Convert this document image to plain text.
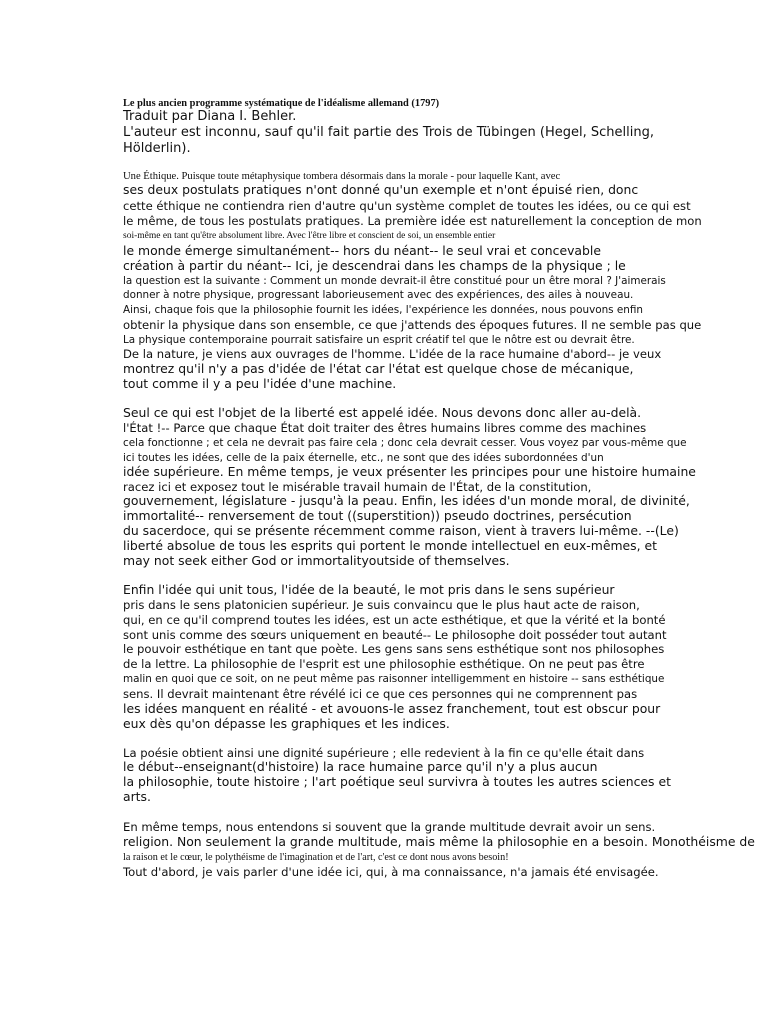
Le plus ancien programme systématique de l'idéalisme allemand (1797)
Traduit par Diana I. Behler.
L'auteur est inconnu, sauf qu'il fait partie des Trois de Tübingen (Hegel, Schelling,
Hölderlin).
Une Éthique. Puisque toute métaphysique tombera désormais dans la morale - pour laquelle Kant, avec
ses deux postulats pratiques n'ont donné qu'un exemple et n'ont épuisé rien, donc
cette éthique ne contiendra rien d'autre qu'un système complet de toutes les idées, ou ce qui est
le même, de tous les postulats pratiques. La première idée est naturellement la conception de mon
soi-même en tant qu'être absolument libre. Avec l'être libre et conscient de soi, un ensemble entier
le monde émerge simultanément-- hors du néant-- le seul vrai et concevable
création à partir du néant-- Ici, je descendrai dans les champs de la physique ; le
la question est la suivante : Comment un monde devrait-il être constitué pour un être moral ? J'aimerais
donner à notre physique, progressant laborieusement avec des expériences, des ailes à nouveau.
Ainsi, chaque fois que la philosophie fournit les idées, l'expérience les données, nous pouvons enfin
obtenir la physique dans son ensemble, ce que j'attends des époques futures. Il ne semble pas que
La physique contemporaine pourrait satisfaire un esprit créatif tel que le nôtre est ou devrait être.
De la nature, je viens aux ouvrages de l'homme. L'idée de la race humaine d'abord-- je veux
montrez qu'il n'y a pas d'idée de l'état car l'état est quelque chose de mécanique,
tout comme il y a peu l'idée d'une machine.
Seul ce qui est l'objet de la liberté est appelé idée. Nous devons donc aller au-delà.
l'État !-- Parce que chaque État doit traiter des êtres humains libres comme des machines
cela fonctionne ; et cela ne devrait pas faire cela ; donc cela devrait cesser. Vous voyez par vous-même que
ici toutes les idées, celle de la paix éternelle, etc., ne sont que des idées subordonnées d'un
idée supérieure. En même temps, je veux présenter les principes pour une histoire humaine
racez ici et exposez tout le misérable travail humain de l'État, de la constitution,
gouvernement, législature - jusqu'à la peau. Enfin, les idées d'un monde moral, de divinité,
immortalité-- renversement de tout ((superstition)) pseudo doctrines, persécution
du sacerdoce, qui se présente récemment comme raison, vient à travers lui-même. --(Le)
liberté absolue de tous les esprits qui portent le monde intellectuel en eux-mêmes, et
may not seek either God or immortalityoutside of themselves.
Enfin l'idée qui unit tous, l'idée de la beauté, le mot pris dans le sens supérieur
pris dans le sens platonicien supérieur. Je suis convaincu que le plus haut acte de raison,
qui, en ce qu'il comprend toutes les idées, est un acte esthétique, et que la vérité et la bonté
sont unis comme des sœurs uniquement en beauté-- Le philosophe doit posséder tout autant
le pouvoir esthétique en tant que poète. Les gens sans sens esthétique sont nos philosophes
de la lettre. La philosophie de l'esprit est une philosophie esthétique. On ne peut pas être
malin en quoi que ce soit, on ne peut même pas raisonner intelligemment en histoire -- sans esthétique
sens. Il devrait maintenant être révélé ici ce que ces personnes qui ne comprennent pas
les idées manquent en réalité - et avouons-le assez franchement, tout est obscur pour
eux dès qu'on dépasse les graphiques et les indices.
La poésie obtient ainsi une dignité supérieure ; elle redevient à la fin ce qu'elle était dans
le début--enseignant(d'histoire) la race humaine parce qu'il n'y a plus aucun
la philosophie, toute histoire ; l'art poétique seul survivra à toutes les autres sciences et
arts.
En même temps, nous entendons si souvent que la grande multitude devrait avoir un sens.
religion. Non seulement la grande multitude, mais même la philosophie en a besoin. Monothéisme de
la raison et le cœur, le polythéisme de l'imagination et de l'art, c'est ce dont nous avons besoin!
Tout d'abord, je vais parler d'une idée ici, qui, à ma connaissance, n'a jamais été envisagée.
